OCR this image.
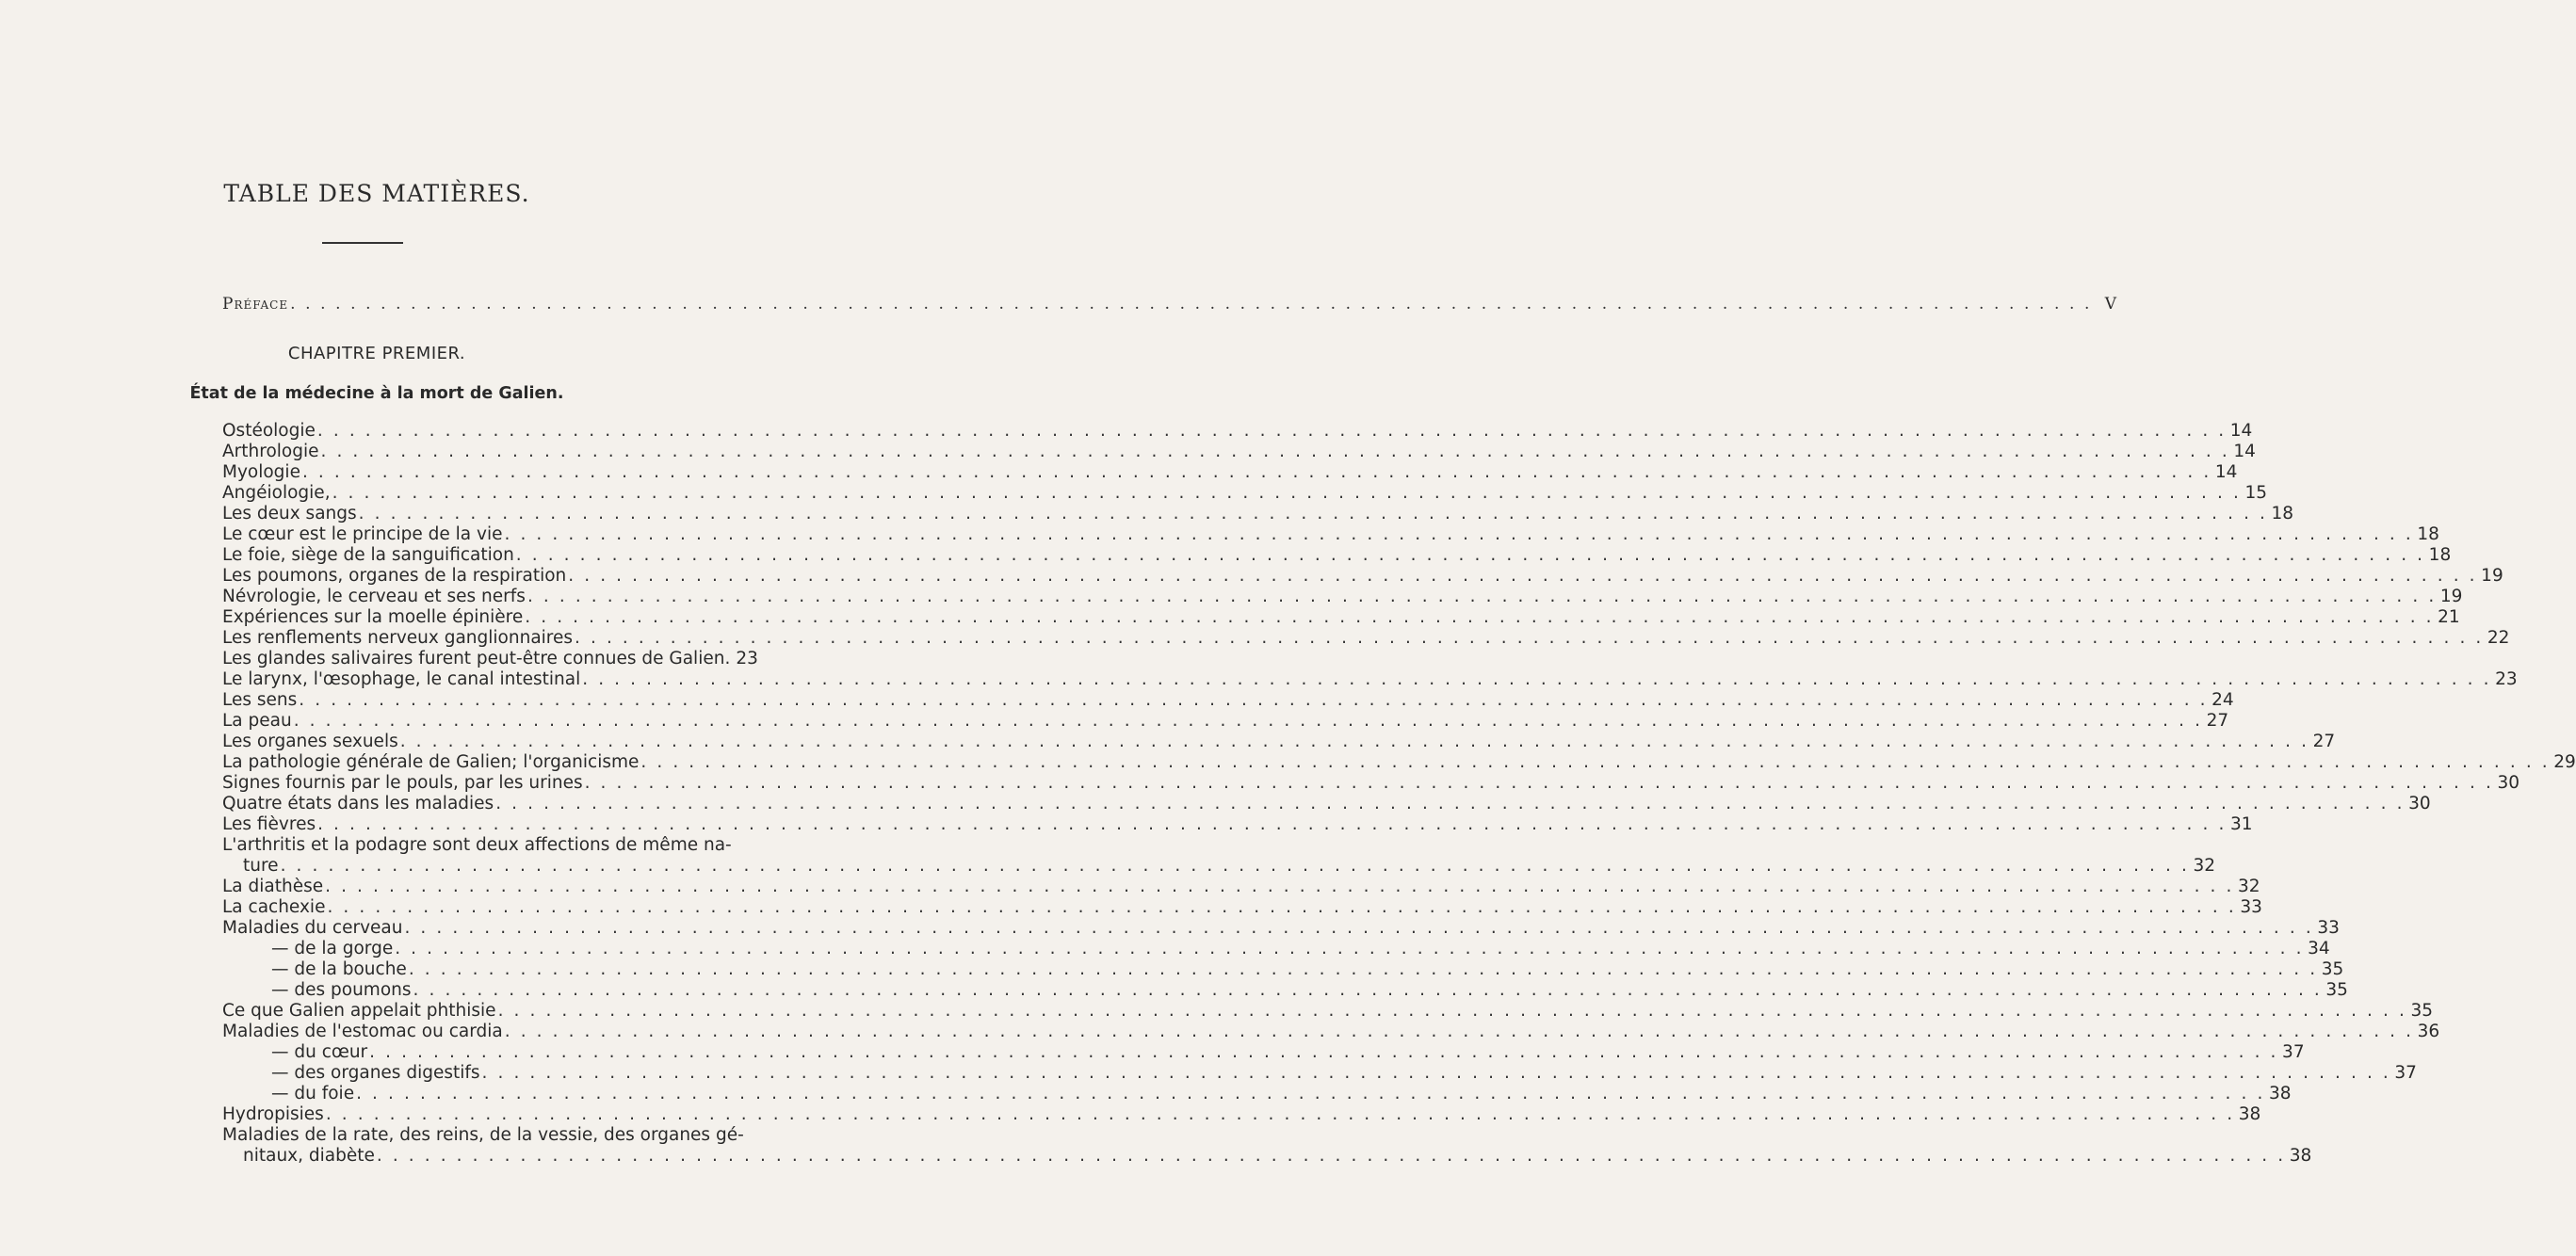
TABLE DES MATIÈRES.
Préface . . . . . . . . . . . . . . . . . . . . . . . . . . . . . . . . . . . . . . . . . . . . . . . . . . . . . . . . . . . . . . . . . . . . . . . . . . . . . . . . . . . . . . . . . . . . . . . . . . . . . . . . . . . . . . . . . . . . . . . . V
CHAPITRE PREMIER.
État de la médecine à la mort de Galien.
Ostéologie . . . . . . . . . . . . . . . . . . . . . . . . . . . . . . . . . . . . . . . . . . . . . . . . . . . . . . . . . . . . . . . . . . . . . . . . . . . . . . . . . . . . . . . . . . . . . . . . . . . . . . . . . . . . . . . . . . . . . . . . 14
Arthrologie . . . . . . . . . . . . . . . . . . . . . . . . . . . . . . . . . . . . . . . . . . . . . . . . . . . . . . . . . . . . . . . . . . . . . . . . . . . . . . . . . . . . . . . . . . . . . . . . . . . . . . . . . . . . . . . . . . . . . . . . 14
Myologie . . . . . . . . . . . . . . . . . . . . . . . . . . . . . . . . . . . . . . . . . . . . . . . . . . . . . . . . . . . . . . . . . . . . . . . . . . . . . . . . . . . . . . . . . . . . . . . . . . . . . . . . . . . . . . . . . . . . . . . . 14
Angéiologie, . . . . . . . . . . . . . . . . . . . . . . . . . . . . . . . . . . . . . . . . . . . . . . . . . . . . . . . . . . . . . . . . . . . . . . . . . . . . . . . . . . . . . . . . . . . . . . . . . . . . . . . . . . . . . . . . . . . . . . . . 15
Les deux sangs . . . . . . . . . . . . . . . . . . . . . . . . . . . . . . . . . . . . . . . . . . . . . . . . . . . . . . . . . . . . . . . . . . . . . . . . . . . . . . . . . . . . . . . . . . . . . . . . . . . . . . . . . . . . . . . . . . . . . . . . 18
Le cœur est le principe de la vie . . . . . . . . . . . . . . . . . . . . . . . . . . . . . . . . . . . . . . . . . . . . . . . . . . . . . . . . . . . . . . . . . . . . . . . . . . . . . . . . . . . . . . . . . . . . . . . . . . . . . . . . . . . . . . . . . . . . . . . . 18
Le foie, siège de la sanguification . . . . . . . . . . . . . . . . . . . . . . . . . . . . . . . . . . . . . . . . . . . . . . . . . . . . . . . . . . . . . . . . . . . . . . . . . . . . . . . . . . . . . . . . . . . . . . . . . . . . . . . . . . . . . . . . . . . . . . . . 18
Les poumons, organes de la respiration . . . . . . . . . . . . . . . . . . . . . . . . . . . . . . . . . . . . . . . . . . . . . . . . . . . . . . . . . . . . . . . . . . . . . . . . . . . . . . . . . . . . . . . . . . . . . . . . . . . . . . . . . . . . . . . . . . . . . . . . 19
Névrologie, le cerveau et ses nerfs . . . . . . . . . . . . . . . . . . . . . . . . . . . . . . . . . . . . . . . . . . . . . . . . . . . . . . . . . . . . . . . . . . . . . . . . . . . . . . . . . . . . . . . . . . . . . . . . . . . . . . . . . . . . . . . . . . . . . . . . 19
Expériences sur la moelle épinière . . . . . . . . . . . . . . . . . . . . . . . . . . . . . . . . . . . . . . . . . . . . . . . . . . . . . . . . . . . . . . . . . . . . . . . . . . . . . . . . . . . . . . . . . . . . . . . . . . . . . . . . . . . . . . . . . . . . . . . . 21
Les renflements nerveux ganglionnaires . . . . . . . . . . . . . . . . . . . . . . . . . . . . . . . . . . . . . . . . . . . . . . . . . . . . . . . . . . . . . . . . . . . . . . . . . . . . . . . . . . . . . . . . . . . . . . . . . . . . . . . . . . . . . . . . . . . . . . . . 22
Les glandes salivaires furent peut-être connues de Galien. 23
Le larynx, l'œsophage, le canal intestinal . . . . . . . . . . . . . . . . . . . . . . . . . . . . . . . . . . . . . . . . . . . . . . . . . . . . . . . . . . . . . . . . . . . . . . . . . . . . . . . . . . . . . . . . . . . . . . . . . . . . . . . . . . . . . . . . . . . . . . . . 23
Les sens . . . . . . . . . . . . . . . . . . . . . . . . . . . . . . . . . . . . . . . . . . . . . . . . . . . . . . . . . . . . . . . . . . . . . . . . . . . . . . . . . . . . . . . . . . . . . . . . . . . . . . . . . . . . . . . . . . . . . . . . 24
La peau . . . . . . . . . . . . . . . . . . . . . . . . . . . . . . . . . . . . . . . . . . . . . . . . . . . . . . . . . . . . . . . . . . . . . . . . . . . . . . . . . . . . . . . . . . . . . . . . . . . . . . . . . . . . . . . . . . . . . . . . 27
Les organes sexuels . . . . . . . . . . . . . . . . . . . . . . . . . . . . . . . . . . . . . . . . . . . . . . . . . . . . . . . . . . . . . . . . . . . . . . . . . . . . . . . . . . . . . . . . . . . . . . . . . . . . . . . . . . . . . . . . . . . . . . . . 27
La pathologie générale de Galien; l'organicisme . . . . . . . . . . . . . . . . . . . . . . . . . . . . . . . . . . . . . . . . . . . . . . . . . . . . . . . . . . . . . . . . . . . . . . . . . . . . . . . . . . . . . . . . . . . . . . . . . . . . . . . . . . . . . . . . . . . . . . . . 29
Signes fournis par le pouls, par les urines . . . . . . . . . . . . . . . . . . . . . . . . . . . . . . . . . . . . . . . . . . . . . . . . . . . . . . . . . . . . . . . . . . . . . . . . . . . . . . . . . . . . . . . . . . . . . . . . . . . . . . . . . . . . . . . . . . . . . . . . 30
Quatre états dans les maladies . . . . . . . . . . . . . . . . . . . . . . . . . . . . . . . . . . . . . . . . . . . . . . . . . . . . . . . . . . . . . . . . . . . . . . . . . . . . . . . . . . . . . . . . . . . . . . . . . . . . . . . . . . . . . . . . . . . . . . . . 30
Les fièvres . . . . . . . . . . . . . . . . . . . . . . . . . . . . . . . . . . . . . . . . . . . . . . . . . . . . . . . . . . . . . . . . . . . . . . . . . . . . . . . . . . . . . . . . . . . . . . . . . . . . . . . . . . . . . . . . . . . . . . . . 31
L'arthritis et la podagre sont deux affections de même na-
ture . . . . . . . . . . . . . . . . . . . . . . . . . . . . . . . . . . . . . . . . . . . . . . . . . . . . . . . . . . . . . . . . . . . . . . . . . . . . . . . . . . . . . . . . . . . . . . . . . . . . . . . . . . . . . . . . . . . . . . . . 32
La diathèse . . . . . . . . . . . . . . . . . . . . . . . . . . . . . . . . . . . . . . . . . . . . . . . . . . . . . . . . . . . . . . . . . . . . . . . . . . . . . . . . . . . . . . . . . . . . . . . . . . . . . . . . . . . . . . . . . . . . . . . . 32
La cachexie . . . . . . . . . . . . . . . . . . . . . . . . . . . . . . . . . . . . . . . . . . . . . . . . . . . . . . . . . . . . . . . . . . . . . . . . . . . . . . . . . . . . . . . . . . . . . . . . . . . . . . . . . . . . . . . . . . . . . . . . 33
Maladies du cerveau . . . . . . . . . . . . . . . . . . . . . . . . . . . . . . . . . . . . . . . . . . . . . . . . . . . . . . . . . . . . . . . . . . . . . . . . . . . . . . . . . . . . . . . . . . . . . . . . . . . . . . . . . . . . . . . . . . . . . . . . 33
— de la gorge . . . . . . . . . . . . . . . . . . . . . . . . . . . . . . . . . . . . . . . . . . . . . . . . . . . . . . . . . . . . . . . . . . . . . . . . . . . . . . . . . . . . . . . . . . . . . . . . . . . . . . . . . . . . . . . . . . . . . . . . 34
— de la bouche . . . . . . . . . . . . . . . . . . . . . . . . . . . . . . . . . . . . . . . . . . . . . . . . . . . . . . . . . . . . . . . . . . . . . . . . . . . . . . . . . . . . . . . . . . . . . . . . . . . . . . . . . . . . . . . . . . . . . . . . 35
— des poumons . . . . . . . . . . . . . . . . . . . . . . . . . . . . . . . . . . . . . . . . . . . . . . . . . . . . . . . . . . . . . . . . . . . . . . . . . . . . . . . . . . . . . . . . . . . . . . . . . . . . . . . . . . . . . . . . . . . . . . . . 35
Ce que Galien appelait phthisie . . . . . . . . . . . . . . . . . . . . . . . . . . . . . . . . . . . . . . . . . . . . . . . . . . . . . . . . . . . . . . . . . . . . . . . . . . . . . . . . . . . . . . . . . . . . . . . . . . . . . . . . . . . . . . . . . . . . . . . . 35
Maladies de l'estomac ou cardia . . . . . . . . . . . . . . . . . . . . . . . . . . . . . . . . . . . . . . . . . . . . . . . . . . . . . . . . . . . . . . . . . . . . . . . . . . . . . . . . . . . . . . . . . . . . . . . . . . . . . . . . . . . . . . . . . . . . . . . . 36
— du cœur . . . . . . . . . . . . . . . . . . . . . . . . . . . . . . . . . . . . . . . . . . . . . . . . . . . . . . . . . . . . . . . . . . . . . . . . . . . . . . . . . . . . . . . . . . . . . . . . . . . . . . . . . . . . . . . . . . . . . . . . 37
— des organes digestifs . . . . . . . . . . . . . . . . . . . . . . . . . . . . . . . . . . . . . . . . . . . . . . . . . . . . . . . . . . . . . . . . . . . . . . . . . . . . . . . . . . . . . . . . . . . . . . . . . . . . . . . . . . . . . . . . . . . . . . . . 37
— du foie . . . . . . . . . . . . . . . . . . . . . . . . . . . . . . . . . . . . . . . . . . . . . . . . . . . . . . . . . . . . . . . . . . . . . . . . . . . . . . . . . . . . . . . . . . . . . . . . . . . . . . . . . . . . . . . . . . . . . . . . 38
Hydropisies . . . . . . . . . . . . . . . . . . . . . . . . . . . . . . . . . . . . . . . . . . . . . . . . . . . . . . . . . . . . . . . . . . . . . . . . . . . . . . . . . . . . . . . . . . . . . . . . . . . . . . . . . . . . . . . . . . . . . . . . 38
Maladies de la rate, des reins, de la vessie, des organes gé-
nitaux, diabète . . . . . . . . . . . . . . . . . . . . . . . . . . . . . . . . . . . . . . . . . . . . . . . . . . . . . . . . . . . . . . . . . . . . . . . . . . . . . . . . . . . . . . . . . . . . . . . . . . . . . . . . . . . . . . . . . . . . . . . . 38
